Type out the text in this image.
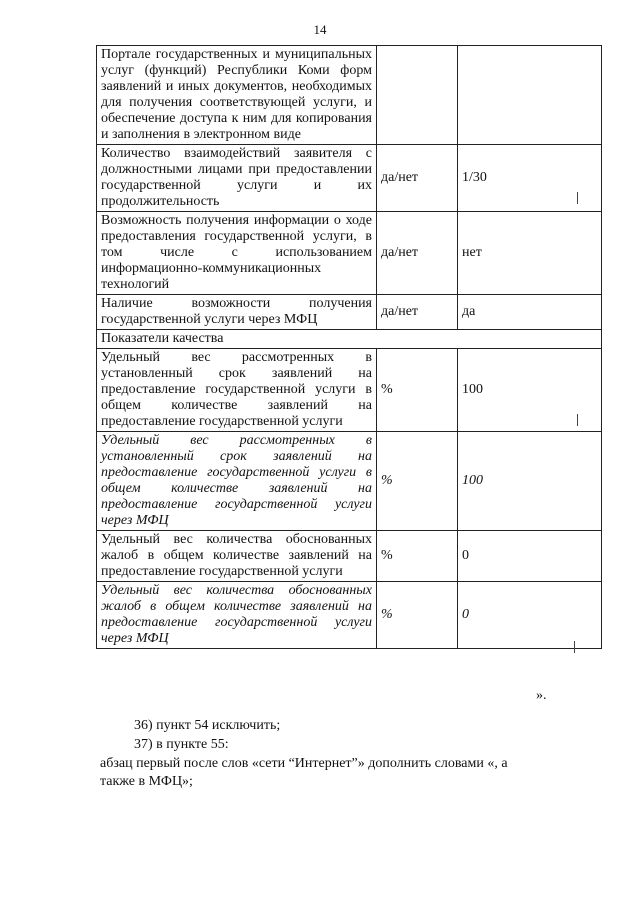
14
Портале государственных и муниципальных услуг (функций) Республики Коми форм заявлений и иных документов, необходимых для получения соответствующей услуги, и обеспечение доступа к ним для копирования и заполнения в электронном виде		
Количество взаимодействий заявителя с должностными лицами при предоставлении государственной услуги и их продолжительность	да/нет	1/30
Возможность получения информации о ходе предоставления государственной услуги, в том числе с использованием информационно-коммуникационных технологий	да/нет	нет
Наличие возможности получения государственной услуги через МФЦ	да/нет	да
Показатели качества		
Удельный вес рассмотренных в установленный срок заявлений на предоставление государственной услуги в общем количестве заявлений на предоставление государственной услуги	%	100
Удельный вес рассмотренных в установленный срок заявлений на предоставление государственной услуги в общем количестве заявлений на предоставление государственной услуги через МФЦ	%	100
Удельный вес количества обоснованных жалоб в общем количестве заявлений на предоставление государственной услуги	%	0
Удельный вес количества обоснованных жалоб в общем количестве заявлений на предоставление государственной услуги через МФЦ	%	0
».
36) пункт 54 исключить;
37) в пункте 55:
абзац первый после слов «сети “Интернет”» дополнить словами «, а
также в МФЦ»;
